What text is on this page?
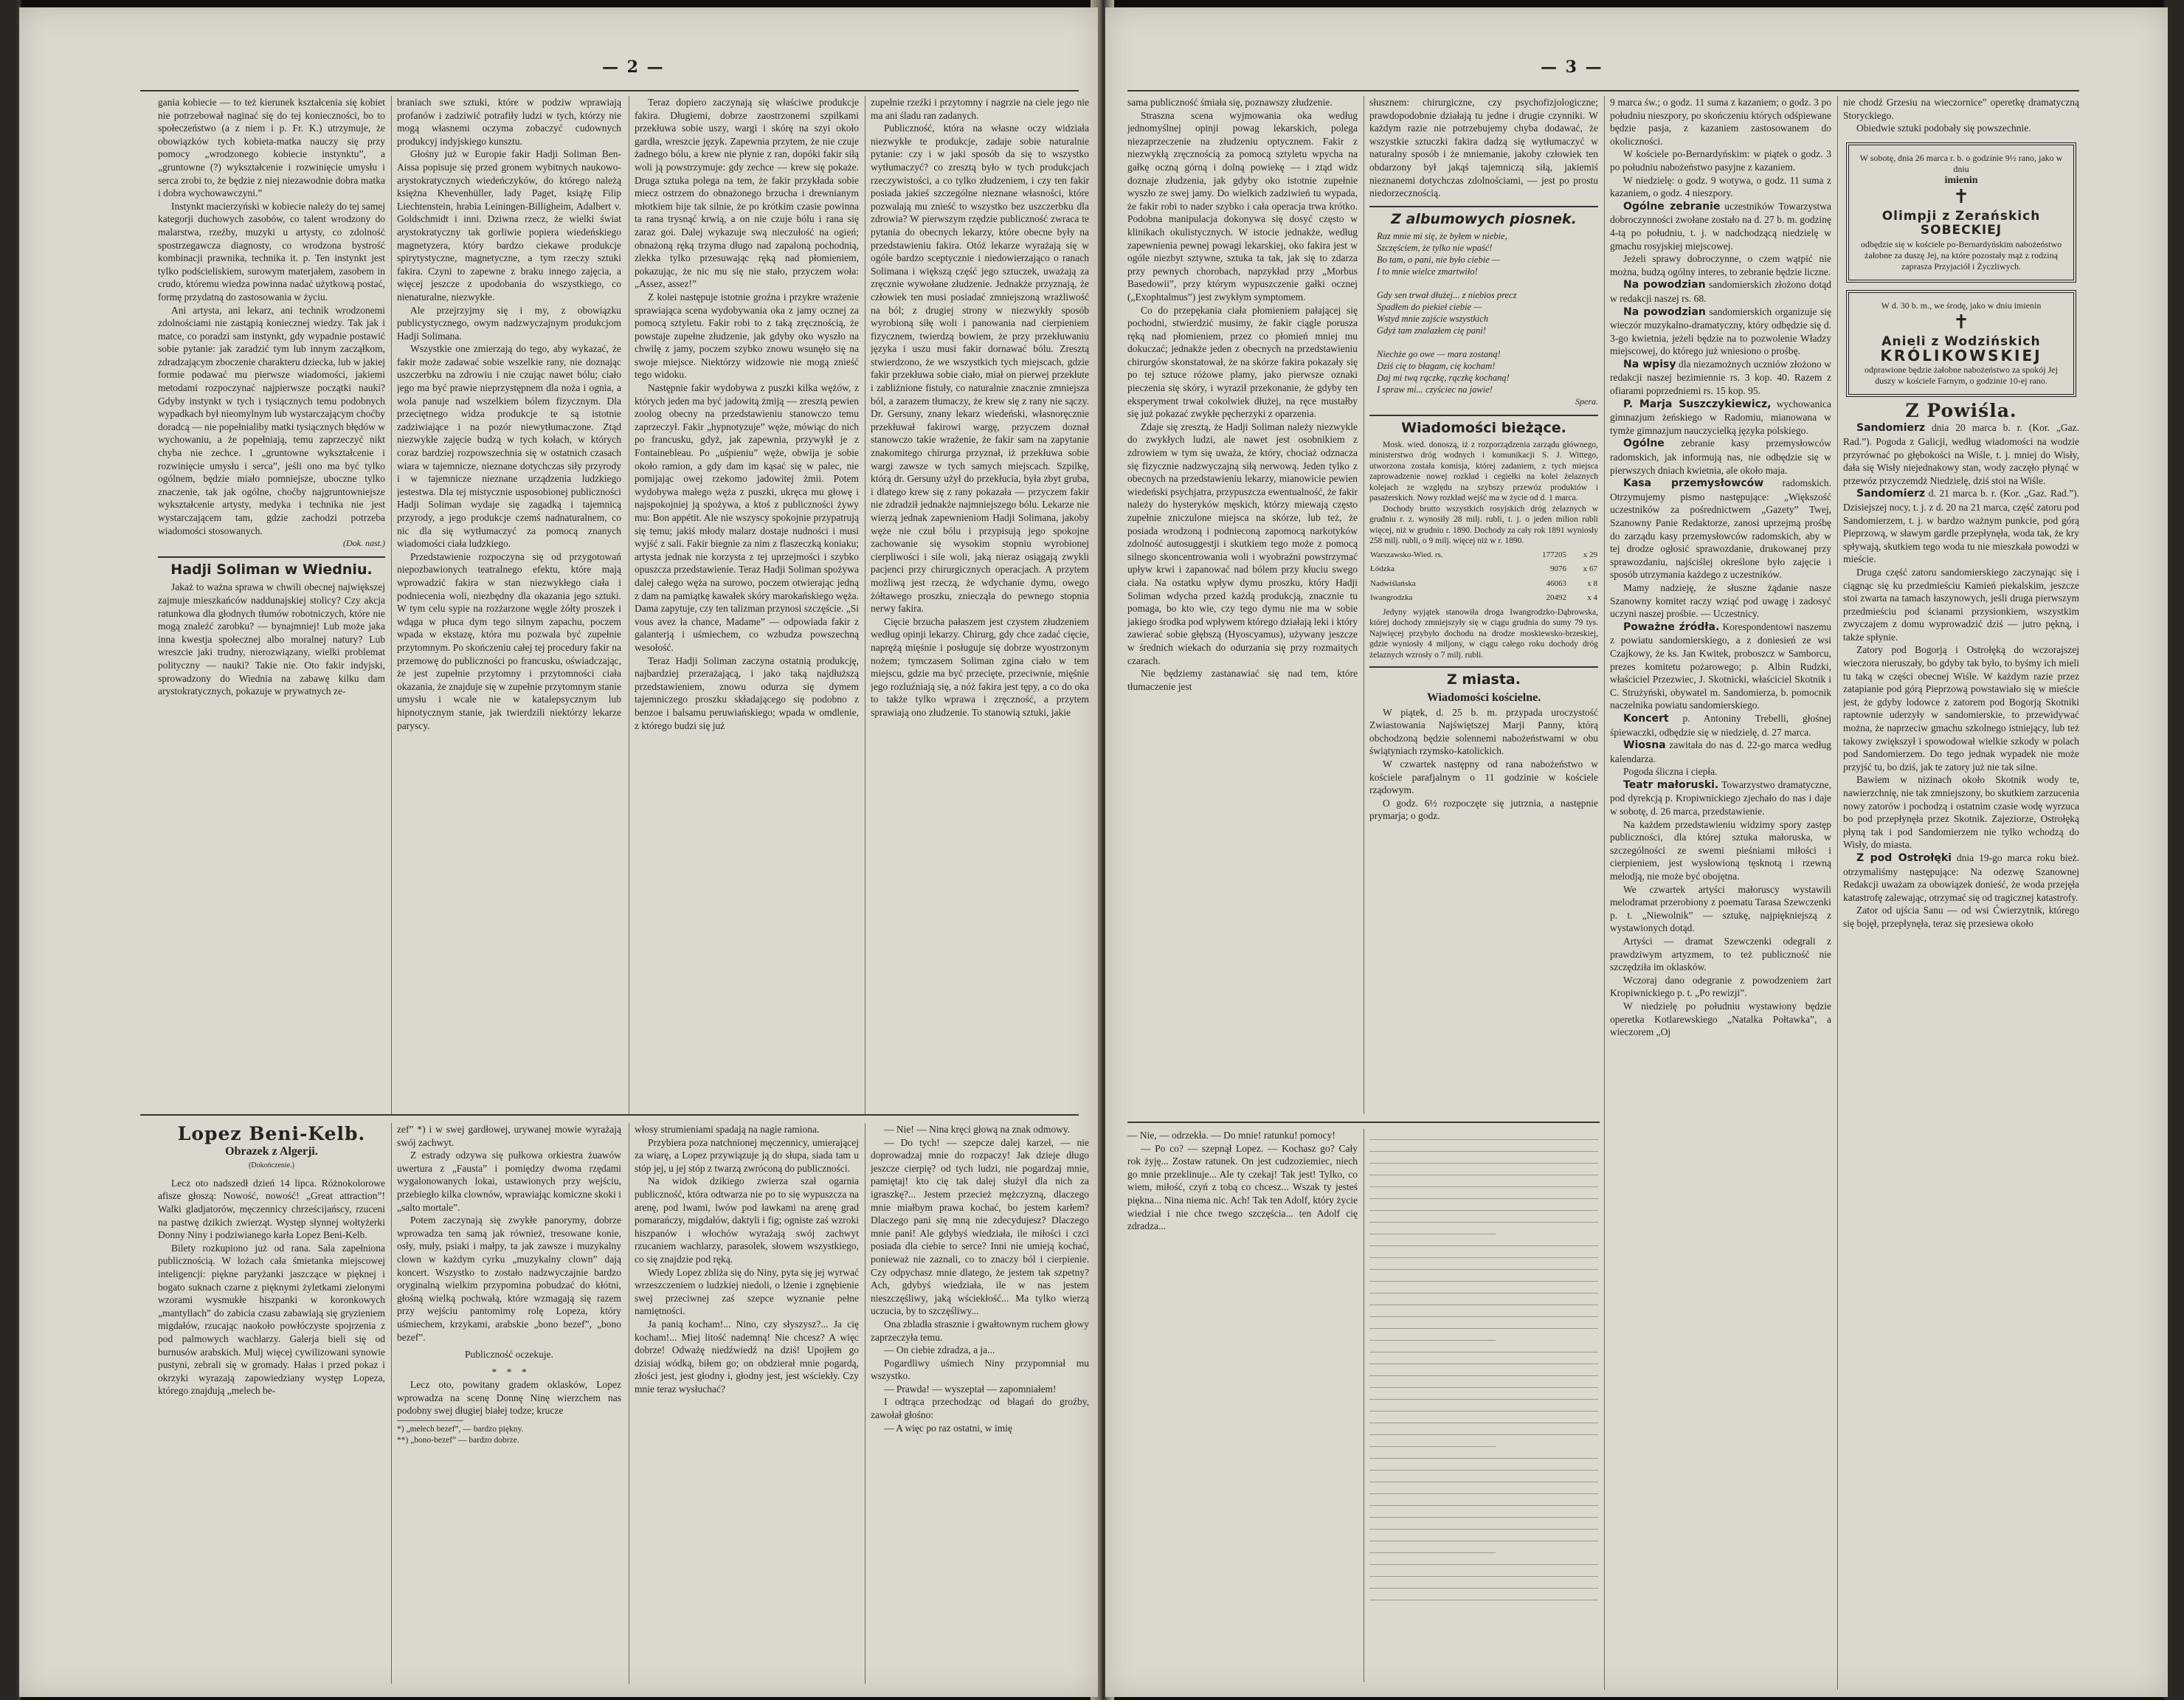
— 2 —

gania kobiecie — to też kierunek kształcenia się kobiet nie potrzebował naginać się do tej konieczności, bo to społeczeństwo (a z niem i p. Fr. K.) utrzymuje, że obowiązków tych kobieta-matka nauczy się przy pomocy „wrodzonego kobiecie instynktu”, a „gruntowne (?) wykształcenie i rozwinięcie umysłu i serca zrobi to, że będzie z niej niezawodnie dobra matka i dobra wychowawczyni.”

Instynkt macierzyński w kobiecie należy do tej samej kategorji duchowych zasobów, co talent wrodzony do malarstwa, rzeźby, muzyki u artysty, co zdolność spostrzegawcza diagnosty, co wrodzona bystrość kombinacji prawnika, technika it. p. Ten instynkt jest tylko podścieliskiem, surowym materjałem, zasobem in crudo, któremu wiedza powinna nadać użytkową postać, formę przydatną do zastosowania w życiu.

Ani artysta, ani lekarz, ani technik wrodzonemi zdolnościami nie zastąpią koniecznej wiedzy. Tak jak i matce, co poradzi sam instynkt, gdy wypadnie postawić sobie pytanie: jak zaradzić tym lub innym zacząłkom, zdradzającym zboczenie charakteru dziecka, lub w jakiej formie podawać mu pierwsze wiadomości, jakiemi metodami rozpoczynać najpierwsze początki nauki? Gdyby instynkt w tych i tysiącznych temu podobnych wypadkach był nieomylnym lub wystarczającym choćby doradcą — nie popełnialiby matki tysiącznych błędów w wychowaniu, a że popełniają, temu zaprzeczyć nikt chyba nie zechce. I „gruntowne wykształcenie i rozwinięcie umysłu i serca”, jeśli ono ma być tylko ogólnem, będzie miało pomniejsze, uboczne tylko znaczenie, tak jak ogólne, choćby najgruntowniejsze wykształcenie artysty, medyka i technika nie jest wystarczającem tam, gdzie zachodzi potrzeba wiadomości stosowanych.

(Dok. nast.)

Hadji Soliman w Wiedniu.

Jakaż to ważna sprawa w chwili obecnej największej zajmuje mieszkańców naddunajskiej stolicy? Czy akcja ratunkowa dla głodnych tłumów robotniczych, które nie mogą znaleźć zarobku? — bynajmniej! Lub może jaka inna kwestja społecznej albo moralnej natury? Lub wreszcie jaki trudny, nierozwiązany, wielki problemat polityczny — nauki? Takie nie. Oto fakir indyjski, sprowadzony do Wiednia na zabawę kilku dam arystokratycznych, pokazuje w prywatnych ze-

braniach swe sztuki, które w podziw wprawiają profanów i zadziwić potrafiły ludzi w tych, którzy nie mogą własnemi oczyma zobaczyć cudownych produkcyj indyjskiego kunsztu.

Głośny już w Europie fakir Hadji Soliman Ben-Aissa popisuje się przed gronem wybitnych naukowo-arystokratycznych wiedeńczyków, do którego należą księżna Khevenhüller, lady Paget, książę Filip Liechtenstein, hrabia Leiningen-Billigheim, Adalbert v. Goldschmidt i inni. Dziwna rzecz, że wielki świat arystokratyczny tak gorliwie popiera wiedeńskiego magnetyzera, który bardzo ciekawe produkcje spirytystyczne, magnetyczne, a tym rzeczy sztuki fakira. Czyni to zapewne z braku innego zajęcia, a więcej jeszcze z upodobania do wszystkiego, co nienaturalne, niezwykłe.

Ale przejrzyjmy się i my, z obowiązku publicystycznego, owym nadzwyczajnym produkcjom Hadji Solimana.

Wszystkie one zmierzają do tego, aby wykazać, że fakir może zadawać sobie wszelkie rany, nie doznając uszczerbku na zdrowiu i nie czując nawet bólu; ciało jego ma być prawie nieprzystępnem dla noża i ognia, a wola panuje nad wszelkiem bólem fizycznym. Dla przeciętnego widza produkcje te są istotnie zadziwiające i na pozór niewytłumaczone. Ztąd niezwykłe zajęcie budzą w tych kołach, w których coraz bardziej rozpowszechnia się w ostatnich czasach wiara w tajemnicze, nieznane dotychczas siły przyrody i w tajemnicze nieznane urządzenia ludzkiego jestestwa. Dla tej mistycznie usposobionej publiczności Hadji Soliman wydaje się zagadką i tajemnicą przyrody, a jego produkcje czemś nadnaturalnem, co nic dla się wytłumaczyć za pomocą znanych wiadomości ciała ludzkiego.

Przedstawienie rozpoczyna się od przygotowań niepozbawionych teatralnego efektu, które mają wprowadzić fakira w stan niezwykłego ciała i podniecenia woli, niezbędny dla okazania jego sztuki. W tym celu sypie na rozżarzone węgle żółty proszek i wdąga w płuca dym tego silnym zapachu, poczem wpada w ekstazę, która mu pozwala być zupełnie przytomnym. Po skończeniu całej tej procedury fakir na przemowę do publiczności po francusku, oświadczając, że jest zupełnie przytomny i przytomności ciała okazania, że znajduje się w zupełnie przytomnym stanie umysłu i wcale nie w katalepsycznym lub hipnotycznym stanie, jak twierdzili niektórzy lekarze paryscy.

Teraz dopiero zaczynają się właściwe produkcje fakira. Długiemi, dobrze zaostrzonemi szpilkami przekłuwa sobie uszy, wargi i skórę na szyi około gardła, wreszcie język. Zapewnia przytem, że nie czuje żadnego bólu, a krew nie płynie z ran, dopóki fakir siłą woli ją powstrzymuje: gdy zechce — krew się pokaże. Druga sztuka polega na tem, że fakir przykłada sobie miecz ostrzem do obnażonego brzucha i drewnianym młotkiem bije tak silnie, że po krótkim czasie powinna ta rana trysnąć krwią, a on nie czuje bólu i rana się zaraz goi. Dalej wykazuje swą nieczułość na ogień; obnażoną ręką trzyma długo nad zapaloną pochodnią, zlekka tylko przesuwając ręką nad płomieniem, pokazując, że nic mu się nie stało, przyczem woła: „Assez, assez!”

Z kolei następuje istotnie groźna i przykre wrażenie sprawiająca scena wydobywania oka z jamy ocznej za pomocą sztyletu. Fakir robi to z taką zręcznością, że powstaje zupełne złudzenie, jak gdyby oko wyszło na chwilę z jamy, poczem szybko znowu wsunęło się na swoje miejsce. Niektórzy widzowie nie mogą znieść tego widoku.

Następnie fakir wydobywa z puszki kilka wężów, z których jeden ma być jadowitą żmiją — zresztą pewien zoolog obecny na przedstawieniu stanowczo temu zaprzeczył. Fakir „hypnotyzuje” węże, mówiąc do nich po francusku, gdyż, jak zapewnia, przywykł je z Fontainebleau. Po „uśpieniu” węże, obwija je sobie około ramion, a gdy dam im kąsać się w palec, nie pomijając owej rzekomo jadowitej żmii. Potem wydobywa małego węża z puszki, ukręca mu głowę i najspokojniej ją spożywa, a ktoś z publiczności żywy mu: Bon appétit. Ale nie wszyscy spokojnie przypatrują się temu; jakiś młody malarz dostaje nudności i musi wyjść z sali. Fakir biegnie za nim z flaszeczką koniaku; artysta jednak nie korzysta z tej uprzejmości i szybko opuszcza przedstawienie. Teraz Hadji Soliman spożywa dalej całego węża na surowo, poczem otwierając jedną z dam na pamiątkę kawałek skóry marokańskiego węża. Dama zapytuje, czy ten talizman przynosi szczęście. „Si vous avez la chance, Madame” — odpowiada fakir z galanterją i uśmiechem, co wzbudza powszechną wesołość.

Teraz Hadji Soliman zaczyna ostatnią produkcję, najbardziej przerażającą, i jako taką najdłuższą przedstawieniem, znowu odurza się dymem tajemniczego proszku składającego się podobno z benzoe i balsamu peruwiańskiego; wpada w omdlenie, z którego budzi się już

zupełnie rzeźki i przytomny i nagrzie na ciele jego nie ma ani śladu ran zadanych.

Publiczność, która na własne oczy widziała niezwykłe te produkcje, zadaje sobie naturalnie pytanie: czy i w jaki sposób da się to wszystko wytłumaczyć? co zresztą było w tych produkcjach rzeczywistości, a co tylko złudzeniem, i czy ten fakir posiada jakieś szczególne nieznane własności, które pozwalają mu znieść to wszystko bez uszczerbku dla zdrowia? W pierwszym rzędzie publiczność zwraca te pytania do obecnych lekarzy, które obecne były na przedstawieniu fakira. Otóż lekarze wyrażają się w ogóle bardzo sceptycznie i niedowierzająco o ranach Solimana i większą część jego sztuczek, uważają za zręcznie wywołane złudzenie. Jednakże przyznają, że człowiek ten musi posiadać zmniejszoną wrażliwość na ból; z drugiej strony w niezwykły sposób wyrobioną siłę woli i panowania nad cierpieniem fizycznem, twierdzą bowiem, że przy przekłuwaniu języka i uszu musi fakir dornawać bólu. Zresztą stwierdzono, że we wszystkich tych miejscach, gdzie fakir przekłuwa sobie ciało, miał on pierwej przekłute i zabliźnione fistuły, co naturalnie znacznie zmniejsza ból, a zarazem tłumaczy, że krew się z rany nie sączy. Dr. Gersuny, znany lekarz wiedeński, własnoręcznie przekłuwał fakirowi wargę, przyczem doznał stanowczo takie wrażenie, że fakir sam na zapytanie znakomitego chirurga przyznał, iż przekłuwa sobie wargi zawsze w tych samych miejscach. Szpilkę, którą dr. Gersuny użył do przekłucia, była zbyt gruba, i dlatego krew się z rany pokazała — przyczem fakir nie zdradził jednakże najmniejszego bólu. Lekarze nie wierzą jednak zapewnieniom Hadji Solimana, jakoby węże nie czuł bólu i przypisują jego spokojne zachowanie się wysokim stopniu wyrobionej cierpliwości i sile woli, jaką nieraz osiągają zwykli pacjenci przy chirurgicznych operacjach. A przytem możliwą jest rzeczą, że wdychanie dymu, owego żółtawego proszku, zniecząla do pewnego stopnia nerwy fakira.

Cięcie brzucha pałaszem jest czystem złudzeniem według opinji lekarzy. Chirurg, gdy chce zadać cięcie, naprężą mięśnie i posługuje się dobrze wyostrzonym nożem; tymczasem Soliman zgina ciało w tem miejscu, gdzie ma być przecięte, przeciwnie, mięśnie jego rozluźniają się, a nóż fakira jest tępy, a co do oka to także tylko wprawa i zręczność, a przytem sprawiają ono złudzenie. To stanowią sztuki, jakie

Lopez Beni-Kelb.
Obrazek z Algerji.
(Dokończenie.)

Lecz oto nadszedł dzień 14 lipca. Różnokolorowe afisze głoszą: Nowość, nowość! „Great attraction”! Walki gladjatorów, męczennicy chrześcijańscy, rzuceni na pastwę dzikich zwierząt. Występ słynnej wołtyżerki Donny Niny i podziwianego karła Lopez Beni-Kelb.

Bilety rozkupiono już od rana. Sala zapełniona publicznością. W lożach cała śmietanka miejscowej inteligencji: piękne paryżanki jaszczące w pięknej i bogato suknach czarne z pięknymi żyletkami zielonymi wzorami wysmukłe hiszpanki w koronkowych „mantyllach” do zabicia czasu zabawiają się gryzieniem migdałów, rzucając naokoło powłóczyste spojrzenia z pod palmowych wachlarzy. Galerja bieli się od burnusów arabskich. Mulj więcej cywilizowani synowie pustyni, zebrali się w gromady. Hałas i przed pokaz i okrzyki wyrazają zapowiedziany występ Lopeza, którego znajdują „melech be-

zef” *) i w swej gardłowej, urywanej mowie wyrażają swój zachwyt.

Z estrady odzywa się pułkowa orkiestra żuawów uwertura z „Fausta” i pomiędzy dwoma rzędami wygalonowanych lokai, ustawionych przy wejściu, przebiegło kilka clownów, wprawiając komiczne skoki i „salto mortale”.

Potem zaczynają się zwykłe panorymy, dobrze wprowadza ten samą jak również, tresowane konie, osły, muły, psiaki i małpy, ta jak zawsze i muzykalny clown w każdym cyrku „muzykalny clown” dają koncert. Wszystko to zostało nadzwyczajnie bardzo oryginalną wielkim przypomina pobudzać do kłótni, głośną wielką pochwałą, które wzmagają się razem przy wejściu pantomimy rolę Lopeza, który uśmiechem, krzykami, arabskie „bono bezef”, „bono bezef”.

Publiczność oczekuje.

*    *    *

Lecz oto, powitany gradem oklasków, Lopez wprowadza na scenę Donnę Ninę wierzchem nas podobny swej długiej białej todze; krucze

*) „melech bezef”, — bardzo piękny.

**) „bono-bezef” — bardzo dobrze.

włosy strumieniami spadają na nagie ramiona.

Przybiera poza natchnionej męczennicy, umierającej za wiarę, a Lopez przywiązuje ją do słupa, siada tam u stóp jej, u jej stóp z twarzą zwróconą do publiczności.

Na widok dzikiego zwierza szał ogarnia publiczność, która odtwarza nie po to się wypuszcza na arenę, pod lwami, lwów pod ławkami na arenę grad pomarańczy, migdałów, daktyli i fig; ogniste zaś wzroki hiszpanów i włochów wyrażają swój zachwyt rzucaniem wachlarzy, parasolek, słowem wszystkiego, co się znajdzie pod ręką.

Wiedy Lopez zbliża się do Niny, pyta się jej wyrwać wrzeszczeniem o ludzkiej niedoli, o lżenie i zgnębienie swej przeciwnej zaś szepce wyznanie pełne namiętności.

Ja panią kocham!... Nino, czy słyszysz?... Ja cię kocham!... Miej litość nademną! Nie chcesz? A więc dobrze! Odważę niedźwiedź na dziś! Upojłem go dzisiaj wódką, biłem go; on obdzierał mnie pogardą, złości jest, jest głodny i, głodny jest, jest wściekły. Czy mnie teraz wysłuchać?

— Nie! — Nina kręci głową na znak odmowy.

— Do tych! — szepcze dalej karzeł, — nie doprowadzaj mnie do rozpaczy! Jak dzieje długo jeszcze cierpię? od tych ludzi, nie pogardzaj mnie, pamiętaj! kto cię tak dalej służył dla nich za igraszkę?... Jestem przecież mężczyzną, dlaczego mnie miałbym prawa kochać, bo jestem karłem? Dlaczego pani się mną nie zdecydujesz? Dlaczego mnie pani! Ale gdybyś wiedziała, ile miłości i czci posiada dla ciebie to serce? Inni nie umieją kochać, ponieważ nie zaznali, co to znaczy ból i cierpienie. Czy odpychasz mnie dlatego, że jestem tak szpetny? Ach, gdybyś wiedziała, ile w nas jestem nieszczęśliwy, jaką wściekłość... Ma tylko wierzą uczucia, by to szczęśliwy...

Ona zbladła strasznie i gwałtownym ruchem głowy zaprzeczyła temu.

— On ciebie zdradza, a ja...

Pogardliwy uśmiech Niny przypomniał mu wszystko.

— Prawda! — wyszeptał — zapomniałem!

I odtrąca przechodząc od błagań do groźby, zawołał głośno:

— A więc po raz ostatni, w imię

— 3 —

sama publiczność śmiała się, poznawszy złudzenie.

Straszna scena wyjmowania oka według jednomyślnej opinji powag lekarskich, polega niezaprzeczenie na złudzeniu optycznem. Fakir z niezwykłą zręcznością za pomocą sztyletu wpycha na gałkę oczną górną i dolną powiekę — i ztąd widz doznaje złudzenia, jak gdyby oko istotnie zupełnie wyszło ze swej jamy. Do wielkich zadziwień tu wypada, że fakir robi to nader szybko i cała operacja trwa krótko. Podobna manipulacja dokonywa się dosyć często w klinikach okulistycznych. W istocie jednakże, według zapewnienia pewnej powagi lekarskiej, oko fakira jest w ogóle niezbyt sztywne, sztuka ta tak, jak się to zdarza przy pewnych chorobach, napzykład przy „Morbus Basedowii”, przy którym wypuszczenie gałki ocznej („Exophtalmus”) jest zwykłym symptomem.

Co do przepękania ciała płomieniem pałającej się pochodni, stwierdzić musimy, że fakir ciągle porusza ręką nad płomieniem, przez co płomień mniej mu dokuczać; jednakże jeden z obecnych na przedstawieniu chirurgów skonstatował, że na skórze fakira pokazały się po tej sztuce różowe plamy, jako pierwsze oznaki pieczenia się skóry, i wyraził przekonanie, że gdyby ten eksperyment trwał cokolwiek dłużej, na ręce mustałby się już pokazać zwykłe pęcherzyki z oparzenia.

Zdaje się zresztą, że Hadji Soliman należy niezwykle do zwykłych ludzi, ale nawet jest osobnikiem z zdrowiem w tym się uważa, że który, chociaż odznacza się fizycznie nadzwyczajną siłą nerwową. Jeden tylko z obecnych na przedstawieniu lekarzy, mianowicie pewien wiedeński psychjatra, przypuszcza ewentualność, że fakir należy do hysteryków męskich, którzy miewają często zupełnie zniczulone miejsca na skórze, lub też, że posiada wrodzoną i podnieconą zapomocą narkotyków zdolność autosuggestji i skutkiem tego może z pomocą silnego skoncentrowania woli i wyobraźni powstrzymać upływ krwi i zapanować nad bólem przy kłuciu swego ciała. Na ostatku wpływ dymu proszku, który Hadji Soliman wdycha przed każdą produkcją, znacznie tu pomaga, bo kto wie, czy tego dymu nie ma w sobie jakiego środka pod wpływem którego działają leki i który zawierać sobie głębszą (Hyoscyamus), używany jeszcze w średnich wiekach do odurzania się przy rozmaitych czarach.

Nie będziemy zastanawiać się nad tem, które tłumaczenie jest

słusznem: chirurgiczne, czy psychofizjologiczne; prawdopodobnie działają tu jedne i drugie czynniki. W każdym razie nie potrzebujemy chyba dodawać, że wszystkie sztuczki fakira dadzą się wytłumaczyć w naturalny sposób i że mniemanie, jakoby człowiek ten obdarzony był jakąś tajemniczą siłą, jakiemiś nieznanemi dotychczas zdolnościami, — jest po prostu niedorzecznością.

Z albumowych piosnek.
Raz mnie mi się, że byłem w niebie,
Szczęściem, że tylko nie wpaść!
Bo tam, o pani, nie było ciebie —
I to mnie wielce zmartwiło!

Gdy sen trwał dłużej... z niebios precz
Spadłem do piekieł ciebie —
Wstyd mnie zajście wszystkich
Gdyż tam znalazłem cię pani!

Niechże go owe — mara zostaną!
Dziś cię to błagam, cię kocham!
Daj mi twą rączkę, rączkę kochaną!
I spraw mi... czyściec na jawie!

Spera.

Wiadomości bieżące.

Mosk. wied. donoszą, iż z rozporządzenia zarządu głównego, ministerstwo dróg wodnych i komunikacji S. J. Wittego, utworzona została komisja, której zadaniem, z tych miejsca zaprowadzenie nowej rozkład i cegiełki na kolei żelaznych kolejach ze względu na szybszy przewóz produktów i pasażerskich. Nowy rozkład wejść ma w życie od d. 1 marca.

Dochody brutto wszystkich rosyjskich dróg żelaznych w grudniu r. z. wynosiły 28 milj. rubli, t. j. o jeden milion rubli więcej, niż w grudniu r. 1890. Dochody za cały rok 1891 wyniosły 258 milj. rubli, o 9 milj. więcej niż w r. 1890.

Warszawsko-Wied. rs.	177205	x 29
Łódzka	9076	x 67
Nadwiślańska	46063	x 8
Iwangrodzka	20492	x 4

Jedyny wyjątek stanowiła droga Iwangrodzko-Dąbrowska, której dochody zmniejszyły się w ciągu grudnia do sumy 79 tys. Najwięcej przybyło dochodu na drodze moskiewsko-brzeskiej, gdzie wyniosły 4 miljony, w ciągu całego roku dochody dróg żelaznych wzrosły o 7 milj. rubli.

Z miasta.
Wiadomości kościelne.

W piątek, d. 25 b. m. przypada uroczystość Zwiastowania Najświętszej Marji Panny, którą obchodzoną będzie solennemi nabożeństwami w obu świątyniach rzymsko-katolickich.

W czwartek następny od rana nabożeństwo w kościele parafjalnym o 11 godzinie w kościele rządowym.

O godz. 6½ rozpoczęte się jutrznia, a następnie prymarja; o godz.

9 marca św.; o godz. 11 suma z kazaniem; o godz. 3 po południu nieszpory, po skończeniu których odśpiewane będzie pasja, z kazaniem zastosowanem do okoliczności.

W kościele po-Bernardyńskim: w piątek o godz. 3 po południu nabożeństwo pasyjne z kazaniem.

W niedzielę: o godz. 9 wotywa, o godz. 11 suma z kazaniem, o godz. 4 nieszpory.

Ogólne zebranie uczestników Towarzystwa dobroczynności zwołane zostało na d. 27 b. m. godzinę 4-tą po południu, t. j. w nadchodzącą niedzielę w gmachu rosyjskiej miejscowej.

Jeżeli sprawy dobroczynne, o czem wątpić nie można, budzą ogólny interes, to zebranie będzie liczne.

Na powodzian sandomierskich złożono dotąd w redakcji naszej rs. 68.

Na powodzian sandomierskich organizuje się wieczór muzykalno-dramatyczny, który odbędzie się d. 3-go kwietnia, jeżeli będzie na to pozwolenie Władzy miejscowej, do którego już wniesiono o prośbę.

Na wpisy dla niezamożnych uczniów złożono w redakcji naszej bezimiennie rs. 3 kop. 40. Razem z ofiarami poprzedniemi rs. 15 kop. 95.

P. Marja Suszczykiewicz, wychowanica gimnazjum żeńskiego w Radomiu, mianowana w tymże gimnazjum nauczycielką języka polskiego.

Ogólne zebranie kasy przemysłowców radomskich, jak informują nas, nie odbędzie się w pierwszych dniach kwietnia, ale około maja.

Kasa przemysłowców radomskich. Otrzymujemy pismo następujące: „Większość uczestników za pośrednictwem „Gazety” Twej, Szanowny Panie Redaktorze, zanosi uprzejmą prośbę do zarządu kasy przemysłowców radomskich, aby w tej drodze ogłosić sprawozdanie, drukowanej przy sprawozdaniu, najściślej określone było zajęcie i sposób utrzymania każdego z uczestników.

Mamy nadzieję, że słuszne żądanie nasze Szanowny komitet raczy wziąć pod uwagę i zadosyć uczyni naszej prośbie. — Uczestnicy.

Poważne źródła. Korespondentowi naszemu z powiatu sandomierskiego, a z doniesień ze wsi Czajkowy, że ks. Jan Kwitek, proboszcz w Samborcu, prezes komitetu pożarowego; p. Albin Rudzki, właściciel Przezwiec, J. Skotnicki, właściciel Skotnik i C. Strużyński, obywatel m. Sandomierza, b. pomocnik naczelnika powiatu sandomierskiego.

Koncert p. Antoniny Trebelli, głośnej śpiewaczki, odbędzie się w niedzielę, d. 27 marca.

Wiosna zawitała do nas d. 22-go marca według kalendarza.

Pogoda śliczna i ciepła.

Teatr małoruski. Towarzystwo dramatyczne, pod dyrekcją p. Kropiwnickiego zjechało do nas i daje w sobotę, d. 26 marca, przedstawienie.

Na każdem przedstawieniu widzimy spory zastęp publiczności, dla której sztuka małoruska, w szczególności ze swemi pieśniami miłości i cierpieniem, jest wysłowioną tęsknotą i rzewną melodją, nie może być obojętna.

We czwartek artyści małoruscy wystawili melodramat przerobiony z poematu Tarasa Szewczenki p. t. „Niewolnik” — sztukę, najpiękniejszą z wystawionych dotąd.

Artyści — dramat Szewczenki odegrali z prawdziwym artyzmem, to też publiczność nie szczędziła im oklasków.

Wczoraj dano odegranie z powodzeniem żart Kropiwnickiego p. t. „Po rewizji”.

W niedzielę po południu wystawiony będzie operetka Kotlarewskiego „Natalka Połtawka”, a wieczorem „Oj

nie chodź Grzesiu na wieczornice” operetkę dramatyczną Storyckiego.

Obiedwie sztuki podobały się powszechnie.

W sobotę, dnia 26 marca r. b. o godzinie 9½ rano, jako w dniu
imienin
✝
Olimpji z Zerańskich
SOBECKIEJ
odbędzie się w kościele po-Bernardyńskim nabożeństwo żałobne za duszę Jej, na które pozostały mąż z rodziną zaprasza Przyjaciół i Życzliwych.
W d. 30 b. m., we środę, jako w dniu imienin
✝
Anieli z Wodzińskich
KRÓLIKOWSKIEJ
odprawione będzie żałobne nabożeństwo za spokój Jej duszy w kościele Farnym, o godzinie 10-ej rano.
Z Powiśla.

Sandomierz dnia 20 marca b. r. (Kor. „Gaz. Rad.”). Pogoda z Galicji, według wiadomości na wodzie przyrównać po głębokości na Wiśle, t. j. mniej do Wisły, dała się Wisły niejednakowy stan, wody zaczęło płynąć w przewóz przyczemdż Niedzielę, dziś stoi na Wiśle.

Sandomierz d. 21 marca b. r. (Kor. „Gaz. Rad.”). Dzisiejszej nocy, t. j. z d. 20 na 21 marca, część zatoru pod Sandomierzem, t. j. w bardzo ważnym punkcie, pod górą Pieprzową, w sławym gardle przepłynęła, woda tak, że kry spływają, skutkiem tego woda tu nie mieszkała powodzi w mieście.

Druga część zatoru sandomierskiego zaczynając się i ciągnąc się ku przedmieściu Kamień piekalskim, jeszcze stoi zwarta na tamach łaszynowych, jeśli druga pierwszym przedmieściu pod ścianami przysionkiem, wszystkim zwyczajem z domu wyprowadzić dziś — jutro pękną, i także spłynie.

Zatory pod Bogorją i Ostrołęką do wczorajszej wieczora nieruszały, bo gdyby tak było, to byśmy ich mieli tu taką w części obecnej Wiśle. W każdym razie przez zatapianie pod górą Pieprzową powstawiało się w mieście jest, że gdyby lodowce z zatorem pod Bogorją Skotniki raptownie uderzyły w sandomierskie, to przewidywać można, że naprzeciw gmachu szkolnego istniejący, lub też takowy zwiększył i spowodował wielkie szkody w polach pod Sandomierzem. Do tego jednak wypadek nie może przyjść tu, bo dziś, jak te zatory już nie tak silne.

Bawiem w nizinach około Skotnik wody te, nawierzchnię, nie tak zmniejszony, bo skutkiem zarzucenia nowy zatorów i pochodzą i ostatnim czasie wodę wyrzuca bo pod przepłynęła przez Skotnik. Zajeziorze, Ostrołęką płyną tak i pod Sandomierzem nie tylko wchodzą do Wisły, do miasta.

Z pod Ostrołęki dnia 19-go marca roku bież. otrzymaliśmy następujące: Na odezwę Szanownej Redakcji uważam za obowiązek donieść, że woda przejęła katastrofę zalewając, otrzymać się od tragicznej katastrofy.

Zator od ujścia Sanu — od wsi Ćwierzytnik, którego się bojęł, przepłynęła, teraz się przesiewa około

— Nie, — odrzekła. — Do mnie! ratunku! pomocy!

— Po co? — szepnął Lopez. — Kochasz go? Cały rok żyję... Zostaw ratunek. On jest cudzoziemiec, niech go mnie przeklinuje... Ale ty czekaj! Tak jest! Tylko, co wiem, miłość, czyń z tobą co chcesz... Wszak ty jesteś piękna... Nina niema nic. Ach! Tak ten Adolf, który życie wiedział i nie chce twego szczęścia... ten Adolf cię zdradza...
